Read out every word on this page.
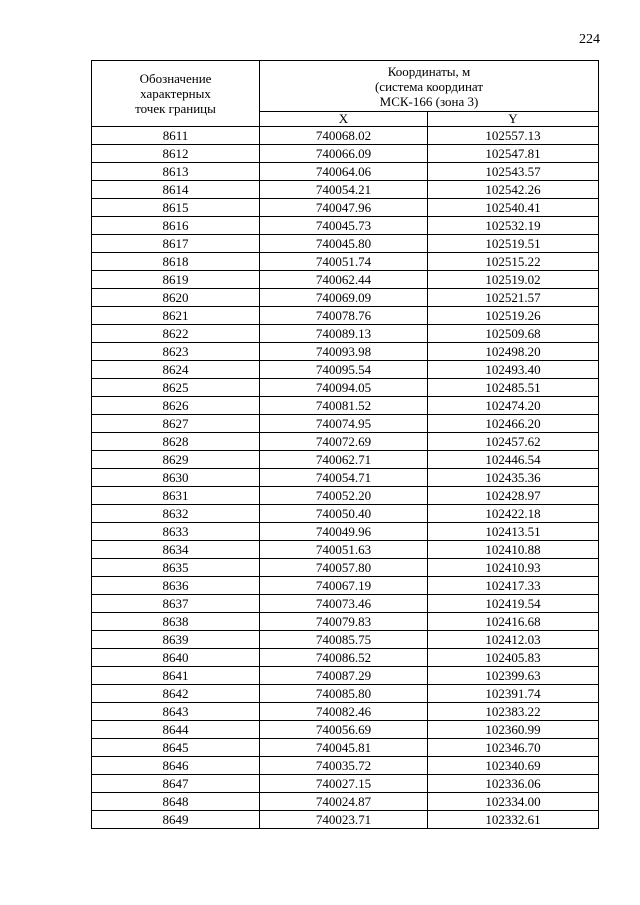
224
Обозначение
характерных
точек границы	Координаты, м
(система координат
МСК-166 (зона 3)	

	X	Y
8611	740068.02	102557.13
8612	740066.09	102547.81
8613	740064.06	102543.57
8614	740054.21	102542.26
8615	740047.96	102540.41
8616	740045.73	102532.19
8617	740045.80	102519.51
8618	740051.74	102515.22
8619	740062.44	102519.02
8620	740069.09	102521.57
8621	740078.76	102519.26
8622	740089.13	102509.68
8623	740093.98	102498.20
8624	740095.54	102493.40
8625	740094.05	102485.51
8626	740081.52	102474.20
8627	740074.95	102466.20
8628	740072.69	102457.62
8629	740062.71	102446.54
8630	740054.71	102435.36
8631	740052.20	102428.97
8632	740050.40	102422.18
8633	740049.96	102413.51
8634	740051.63	102410.88
8635	740057.80	102410.93
8636	740067.19	102417.33
8637	740073.46	102419.54
8638	740079.83	102416.68
8639	740085.75	102412.03
8640	740086.52	102405.83
8641	740087.29	102399.63
8642	740085.80	102391.74
8643	740082.46	102383.22
8644	740056.69	102360.99
8645	740045.81	102346.70
8646	740035.72	102340.69
8647	740027.15	102336.06
8648	740024.87	102334.00
8649	740023.71	102332.61
